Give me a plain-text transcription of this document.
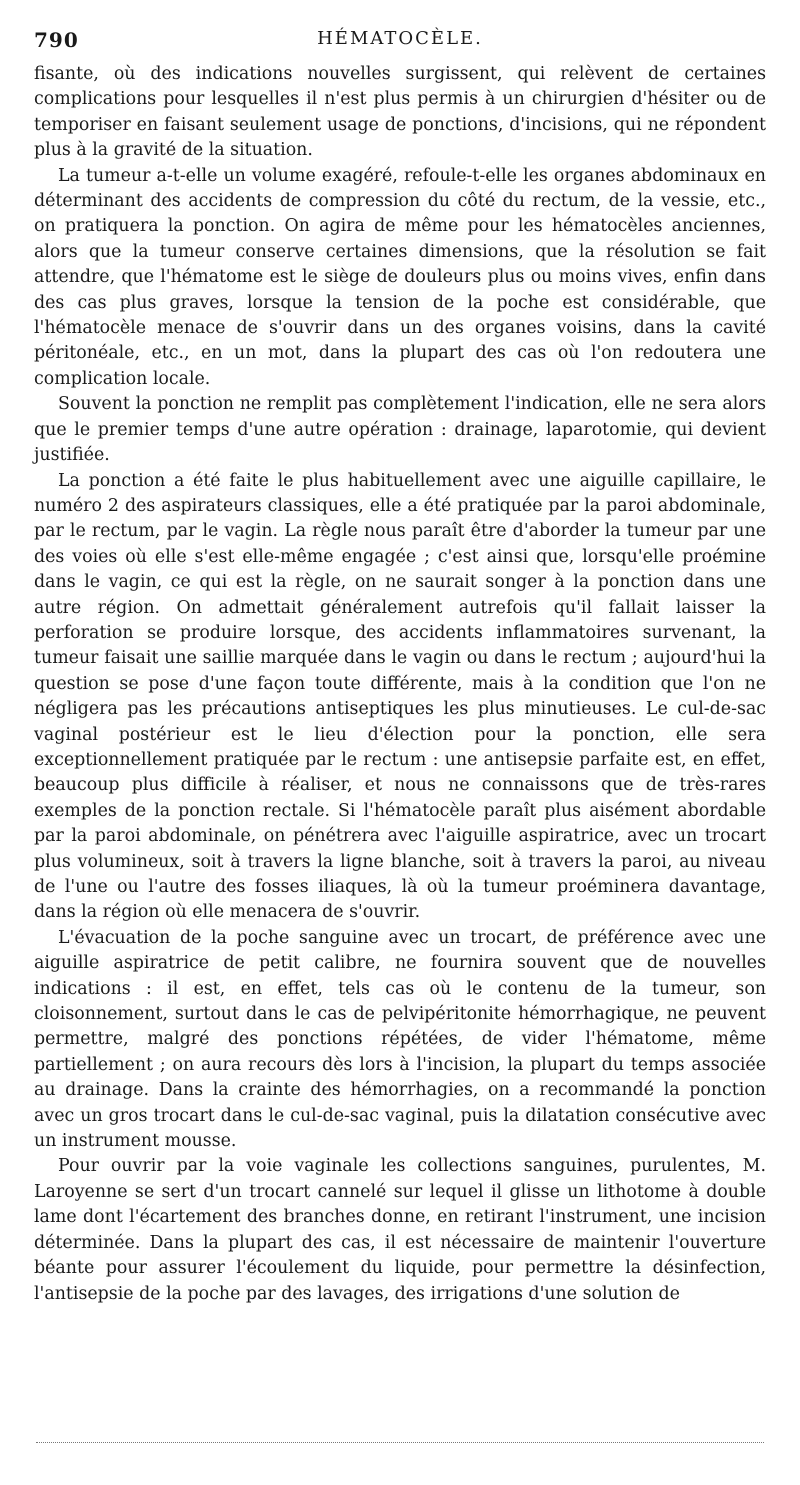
790	HÉMATOCÈLE.

fisante, où des indications nouvelles surgissent, qui relèvent de certaines complications pour lesquelles il n'est plus permis à un chirurgien d'hésiter ou de temporiser en faisant seulement usage de ponctions, d'incisions, qui ne répondent plus à la gravité de la situation.

La tumeur a-t-elle un volume exagéré, refoule-t-elle les organes abdominaux en déterminant des accidents de compression du côté du rectum, de la vessie, etc., on pratiquera la ponction. On agira de même pour les hématocèles anciennes, alors que la tumeur conserve certaines dimensions, que la résolution se fait attendre, que l'hématome est le siège de douleurs plus ou moins vives, enfin dans des cas plus graves, lorsque la tension de la poche est considérable, que l'hématocèle menace de s'ouvrir dans un des organes voisins, dans la cavité péritonéale, etc., en un mot, dans la plupart des cas où l'on redoutera une complication locale.

Souvent la ponction ne remplit pas complètement l'indication, elle ne sera alors que le premier temps d'une autre opération : drainage, laparotomie, qui devient justifiée.

La ponction a été faite le plus habituellement avec une aiguille capillaire, le numéro 2 des aspirateurs classiques, elle a été pratiquée par la paroi abdominale, par le rectum, par le vagin. La règle nous paraît être d'aborder la tumeur par une des voies où elle s'est elle-même engagée ; c'est ainsi que, lorsqu'elle proémine dans le vagin, ce qui est la règle, on ne saurait songer à la ponction dans une autre région. On admettait généralement autrefois qu'il fallait laisser la perforation se produire lorsque, des accidents inflammatoires survenant, la tumeur faisait une saillie marquée dans le vagin ou dans le rectum ; aujourd'hui la question se pose d'une façon toute différente, mais à la condition que l'on ne négligera pas les précautions antiseptiques les plus minutieuses. Le cul-de-sac vaginal postérieur est le lieu d'élection pour la ponction, elle sera exceptionnellement pratiquée par le rectum : une antisepsie parfaite est, en effet, beaucoup plus difficile à réaliser, et nous ne connaissons que de très-rares exemples de la ponction rectale. Si l'hématocèle paraît plus aisément abordable par la paroi abdominale, on pénétrera avec l'aiguille aspiratrice, avec un trocart plus volumineux, soit à travers la ligne blanche, soit à travers la paroi, au niveau de l'une ou l'autre des fosses iliaques, là où la tumeur proéminera davantage, dans la région où elle menacera de s'ouvrir.

L'évacuation de la poche sanguine avec un trocart, de préférence avec une aiguille aspiratrice de petit calibre, ne fournira souvent que de nouvelles indications : il est, en effet, tels cas où le contenu de la tumeur, son cloisonnement, surtout dans le cas de pelvipéritonite hémorrhagique, ne peuvent permettre, malgré des ponctions répétées, de vider l'hématome, même partiellement ; on aura recours dès lors à l'incision, la plupart du temps associée au drainage. Dans la crainte des hémorrhagies, on a recommandé la ponction avec un gros trocart dans le cul-de-sac vaginal, puis la dilatation consécutive avec un instrument mousse.

Pour ouvrir par la voie vaginale les collections sanguines, purulentes, M. Laroyenne se sert d'un trocart cannelé sur lequel il glisse un lithotome à double lame dont l'écartement des branches donne, en retirant l'instrument, une incision déterminée. Dans la plupart des cas, il est nécessaire de maintenir l'ouverture béante pour assurer l'écoulement du liquide, pour permettre la désinfection, l'antisepsie de la poche par des lavages, des irrigations d'une solution de
